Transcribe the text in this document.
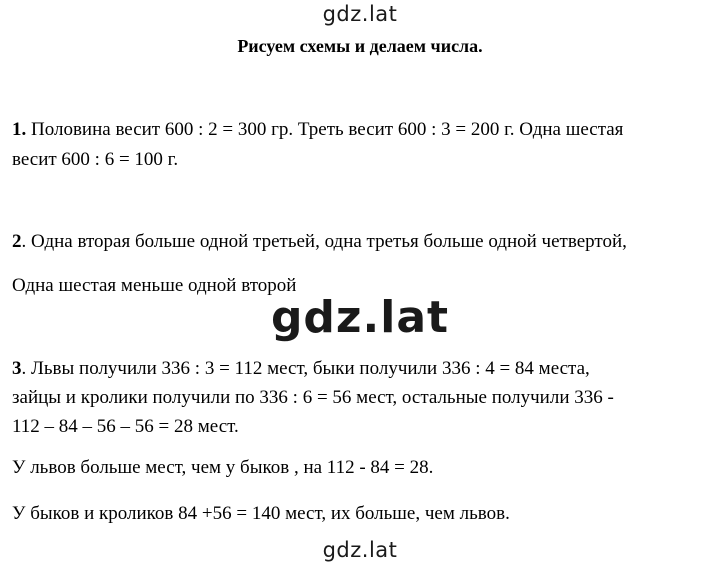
gdz.lat
Рисуем схемы и делаем числа.
1. Половина весит 600 : 2 = 300 гр. Треть весит 600 : 3 = 200 г. Одна шестая
весит 600 : 6 = 100 г.
2. Одна вторая больше одной третьей, одна третья больше одной четвертой,
Одна шестая меньше одной второй
gdz.lat
3. Львы получили 336 : 3 = 112 мест, быки получили 336 : 4 = 84 места,
зайцы и кролики получили по 336 : 6 = 56 мест, остальные получили 336 -
112 – 84 – 56 – 56 = 28 мест.
У львов больше мест, чем у быков , на 112 - 84 = 28.
У быков и кроликов 84 +56 = 140 мест, их больше, чем львов.
gdz.lat
